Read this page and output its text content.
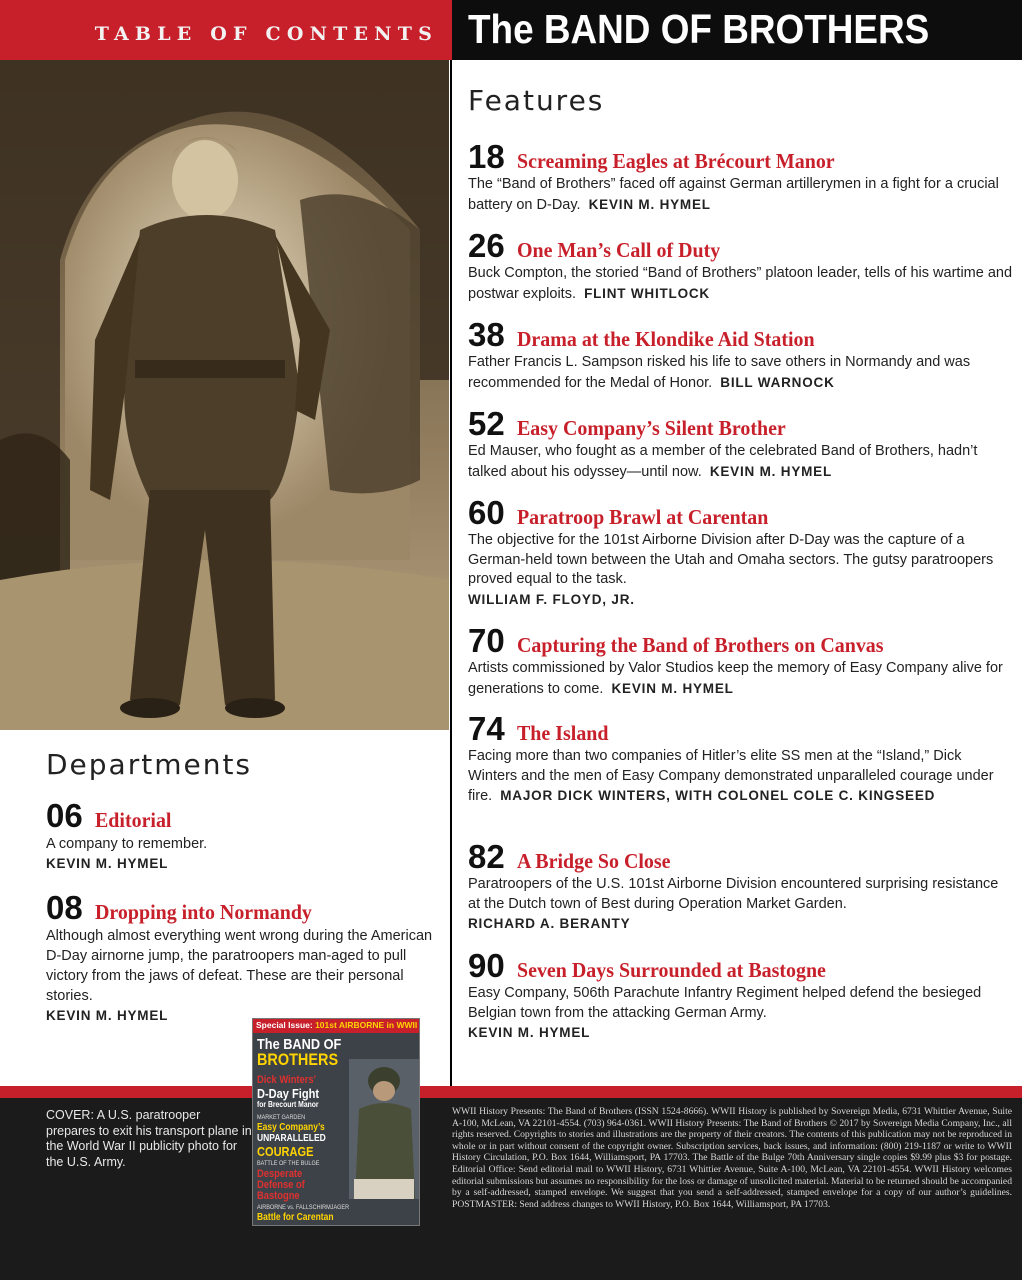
TABLE OF CONTENTS The BAND OF BROTHERS
Features
18 Screaming Eagles at Brécourt Manor
The “Band of Brothers” faced off against German artillerymen in a fight for a crucial battery on D-Day. KEVIN M. HYMEL
26 One Man’s Call of Duty
Buck Compton, the storied “Band of Brothers” platoon leader, tells of his wartime and postwar exploits. FLINT WHITLOCK
38 Drama at the Klondike Aid Station
Father Francis L. Sampson risked his life to save others in Normandy and was recommended for the Medal of Honor. BILL WARNOCK
52 Easy Company’s Silent Brother
Ed Mauser, who fought as a member of the celebrated Band of Brothers, hadn’t talked about his odyssey—until now. KEVIN M. HYMEL
60 Paratroop Brawl at Carentan
The objective for the 101st Airborne Division after D-Day was the capture of a German-held town between the Utah and Omaha sectors. The gutsy paratroopers proved equal to the task.
WILLIAM F. FLOYD, JR.
70 Capturing the Band of Brothers on Canvas
Artists commissioned by Valor Studios keep the memory of Easy Company alive for generations to come. KEVIN M. HYMEL
74 The Island
Facing more than two companies of Hitler’s elite SS men at the “Island,” Dick Winters and the men of Easy Company demonstrated unparalleled courage under fire. MAJOR DICK WINTERS, WITH COLONEL COLE C. KINGSEED
82 A Bridge So Close
Paratroopers of the U.S. 101st Airborne Division encountered surprising resistance at the Dutch town of Best during Operation Market Garden.
RICHARD A. BERANTY
90 Seven Days Surrounded at Bastogne
Easy Company, 506th Parachute Infantry Regiment helped defend the besieged Belgian town from the attacking German Army.
KEVIN M. HYMEL
Departments
06 Editorial
A company to remember.
KEVIN M. HYMEL
08 Dropping into Normandy
Although almost everything went wrong during the American D-Day airnorne jump, the paratroopers man-aged to pull victory from the jaws of defeat. These are their personal stories.
KEVIN M. HYMEL
COVER: A U.S. paratrooper prepares to exit his transport plane in the World War II publicity photo for the U.S. Army.
WWII History Presents: The Band of Brothers (ISSN 1524-8666). WWII History is published by Sovereign Media, 6731 Whittier Avenue, Suite A-100, McLean, VA 22101-4554. (703) 964-0361. WWII History Presents: The Band of Brothers © 2017 by Sovereign Media Company, Inc., all rights reserved. Copyrights to stories and illustrations are the property of their creators. The contents of this publication may not be reproduced in whole or in part without consent of the copyright owner. Subscription services, back issues, and information: (800) 219-1187 or write to WWII History Circulation, P.O. Box 1644, Williamsport, PA 17703. The Battle of the Bulge 70th Anniversary single copies $9.99 plus $3 for postage. Editorial Office: Send editorial mail to WWII History, 6731 Whittier Avenue, Suite A-100, McLean, VA 22101-4554. WWII History welcomes editorial submissions but assumes no responsibility for the loss or damage of unsolicited material. Material to be returned should be accompanied by a self-addressed, stamped envelope. We suggest that you send a self-addressed, stamped envelope for a copy of our author’s guidelines. POSTMASTER: Send address changes to WWII History, P.O. Box 1644, Williamsport, PA 17703.
Special Issue: 101st AIRBORNE in WWII
The BAND OF
BROTHERS
Dick Winters’
D-Day Fight
for Brecourt Manor
MARKET GARDEN
Easy Company’s
UNPARALLELED
COURAGE
BATTLE OF THE BULGE
Desperate
Defense of
Bastogne
AIRBORNE vs. FALLSCHIRMJAGER
Battle for Carentan
